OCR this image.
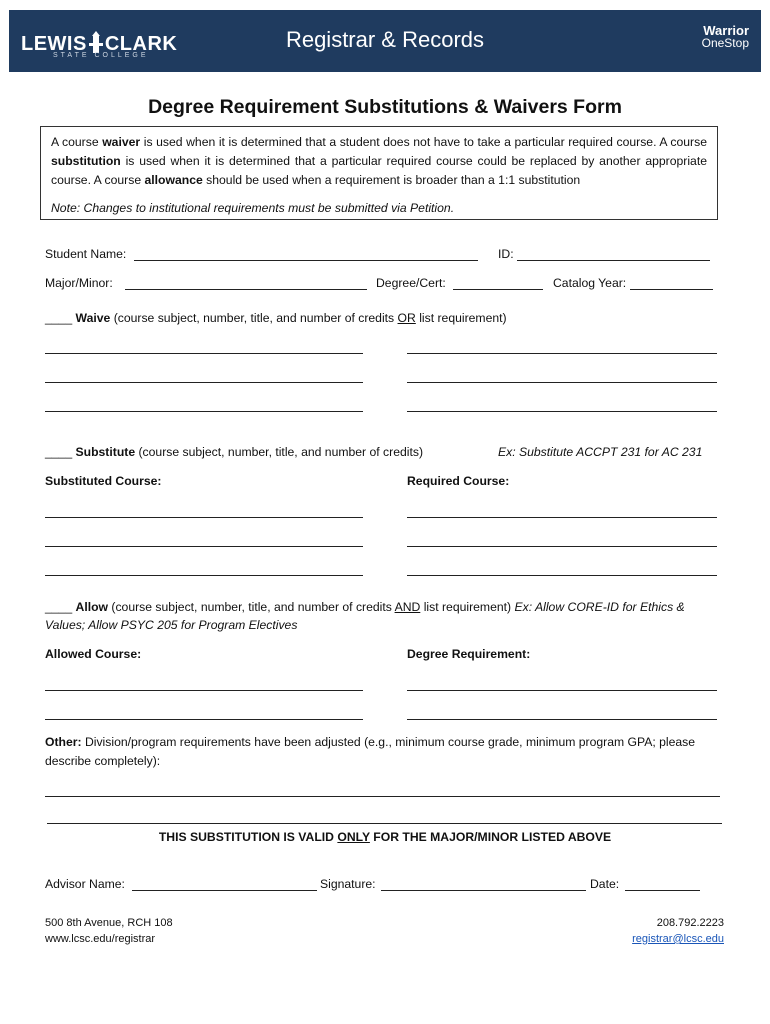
LEWIS CLARK
STATE COLLEGE
Registrar & Records	Warrior
OneStop
Degree Requirement Substitutions & Waivers Form

A course waiver is used when it is determined that a student does not have to take a particular required course. A course substitution is used when it is determined that a particular required course could be replaced by another appropriate course. A course allowance should be used when a requirement is broader than a 1:1 substitution

Note: Changes to institutional requirements must be submitted via Petition.

Student Name:	ID:
Major/Minor:	Degree/Cert:	Catalog Year:
____ Waive (course subject, number, title, and number of credits OR list requirement)
____ Substitute (course subject, number, title, and number of credits)	Ex: Substitute ACCPT 231 for AC 231
Substituted Course:	Required Course:
____ Allow (course subject, number, title, and number of credits AND list requirement) Ex: Allow CORE-ID for Ethics &
Values; Allow PSYC 205 for Program Electives
Allowed Course:	Degree Requirement:
Other: Division/program requirements have been adjusted (e.g., minimum course grade, minimum program GPA; please
describe completely):
THIS SUBSTITUTION IS VALID ONLY FOR THE MAJOR/MINOR LISTED ABOVE
Advisor Name:	Signature:	Date:
500 8th Avenue, RCH 108
www.lcsc.edu/registrar
208.792.2223
registrar@lcsc.edu
